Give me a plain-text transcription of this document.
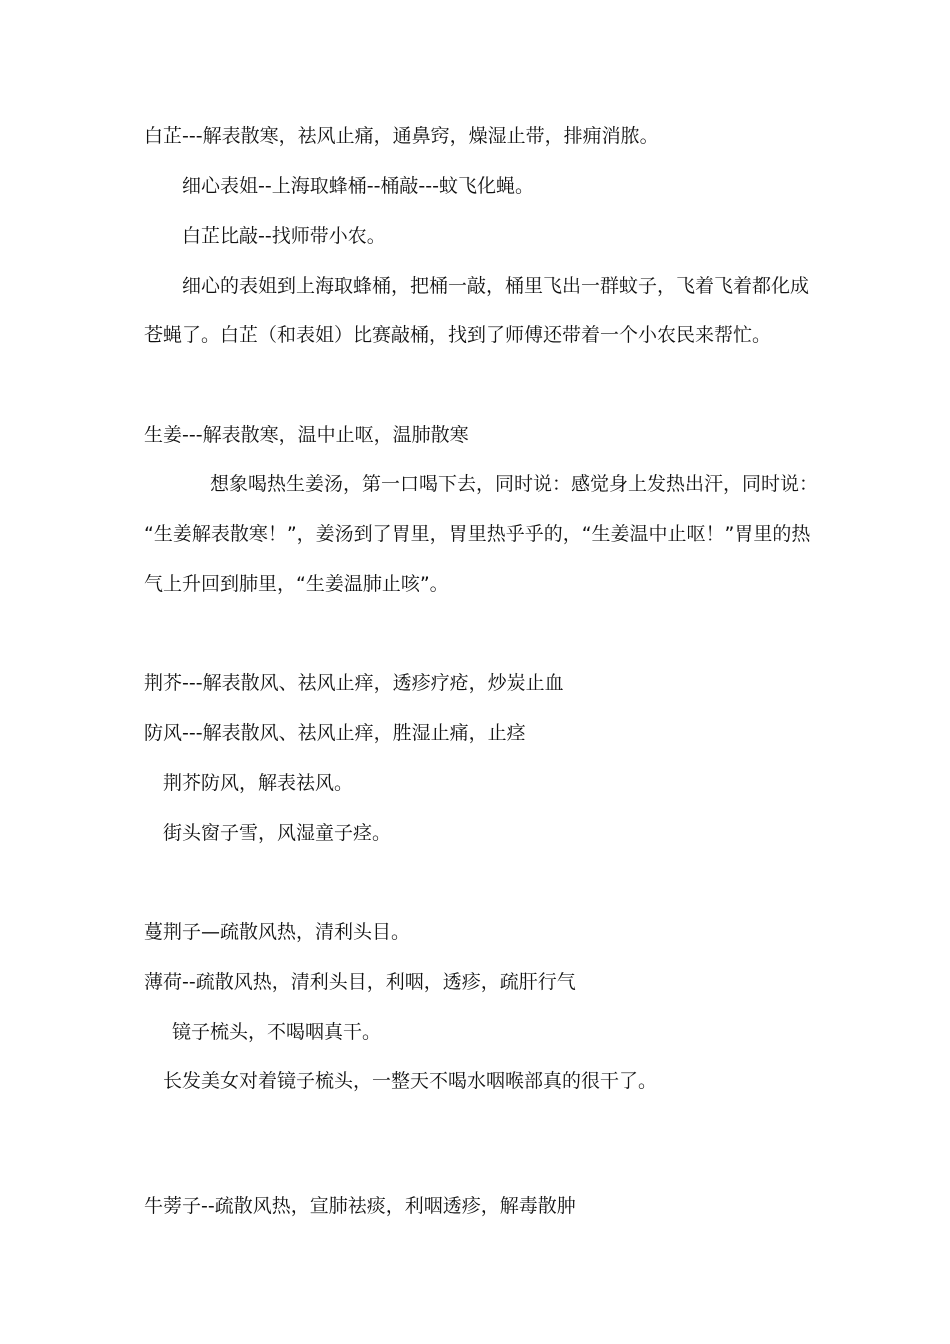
白芷---解表散寒，祛风止痛，通鼻窍，燥湿止带，排痈消脓。
细心表姐--上海取蜂桶--桶敲---蚊飞化蝇。
白芷比敲--找师带小农。
细心的表姐到上海取蜂桶，把桶一敲，桶里飞出一群蚊子，飞着飞着都化成
苍蝇了。白芷（和表姐）比赛敲桶，找到了师傅还带着一个小农民来帮忙。
生姜---解表散寒，温中止呕，温肺散寒
想象喝热生姜汤，第一口喝下去，同时说：感觉身上发热出汗，同时说：
“生姜解表散寒！”，姜汤到了胃里，胃里热乎乎的，“生姜温中止呕！”胃里的热
气上升回到肺里，“生姜温肺止咳”。
荆芥---解表散风、祛风止痒，透疹疗疮，炒炭止血
防风---解表散风、祛风止痒，胜湿止痛，止痉
荆芥防风，解表祛风。
街头窗子雪，风湿童子痉。
蔓荆子—疏散风热，清利头目。
薄荷--疏散风热，清利头目，利咽，透疹，疏肝行气
镜子梳头，不喝咽真干。
长发美女对着镜子梳头，一整天不喝水咽喉部真的很干了。
牛蒡子--疏散风热，宣肺祛痰，利咽透疹，解毒散肿
